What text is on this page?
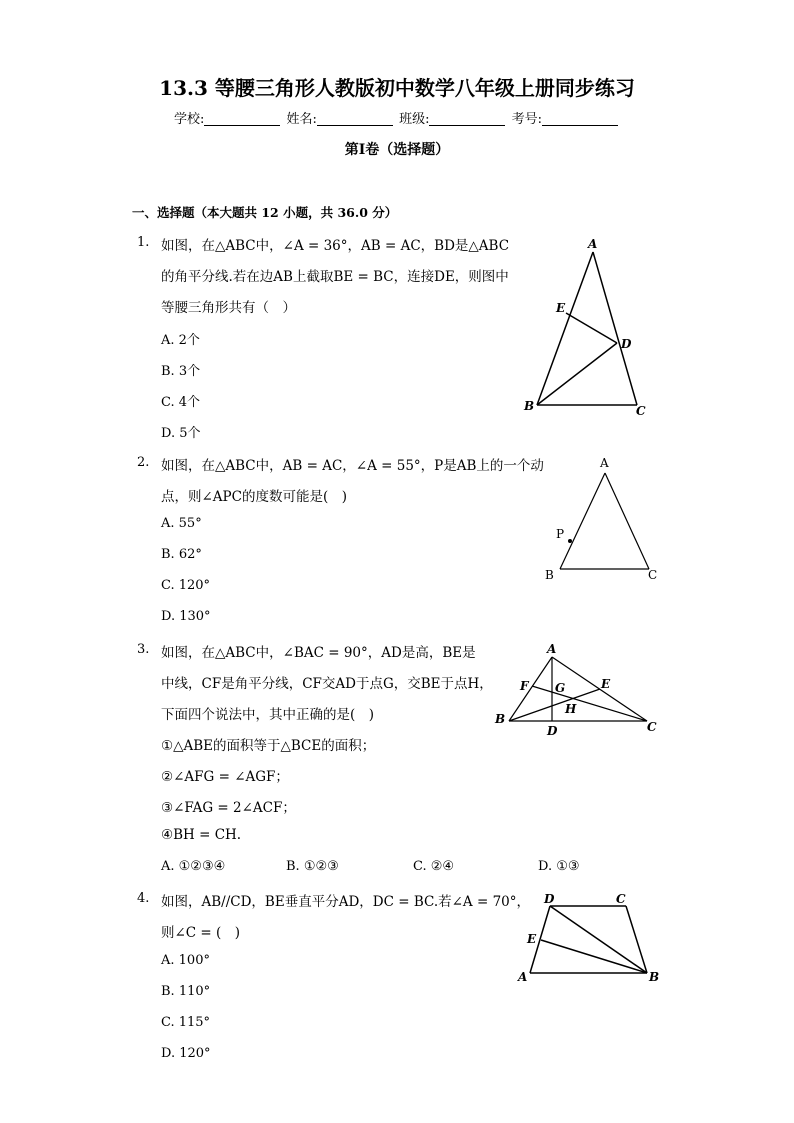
13.3 等腰三角形人教版初中数学八年级上册同步练习
学校:	姓名:	班级:	考号:
第Ⅰ卷（选择题）
一、选择题（本大题共 12 小题，共 36.0 分）
1. 如图，在△ABC中，∠A = 36°，AB = AC，BD是△ABC
的角平分线.若在边AB上截取BE = BC，连接DE，则图中
等腰三角形共有（　）
A. 2个
B. 3个
C. 4个
D. 5个
A
E
D
B	C
2. 如图，在△ABC中，AB = AC，∠A = 55°，P是AB上的一个动
点，则∠APC的度数可能是(　)
A. 55°
B. 62°
C. 120°
D. 130°
A
P
B	C
3. 如图，在△ABC中，∠BAC = 90°，AD是高，BE是
中线，CF是角平分线，CF交AD于点G，交BE于点H，
下面四个说法中，其中正确的是(　)
①△ABE的面积等于△BCE的面积；
②∠AFG = ∠AGF；
③∠FAG = 2∠ACF；
④BH = CH.
A. ①②③④	B. ①②③	C. ②④	D. ①③
A
F G	E
H
B
D	C
4. 如图，AB//CD，BE垂直平分AD，DC = BC.若∠A = 70°，
则∠C = (　)
A. 100°
B. 110°
C. 115°
D. 120°
D	C
E
A	B
